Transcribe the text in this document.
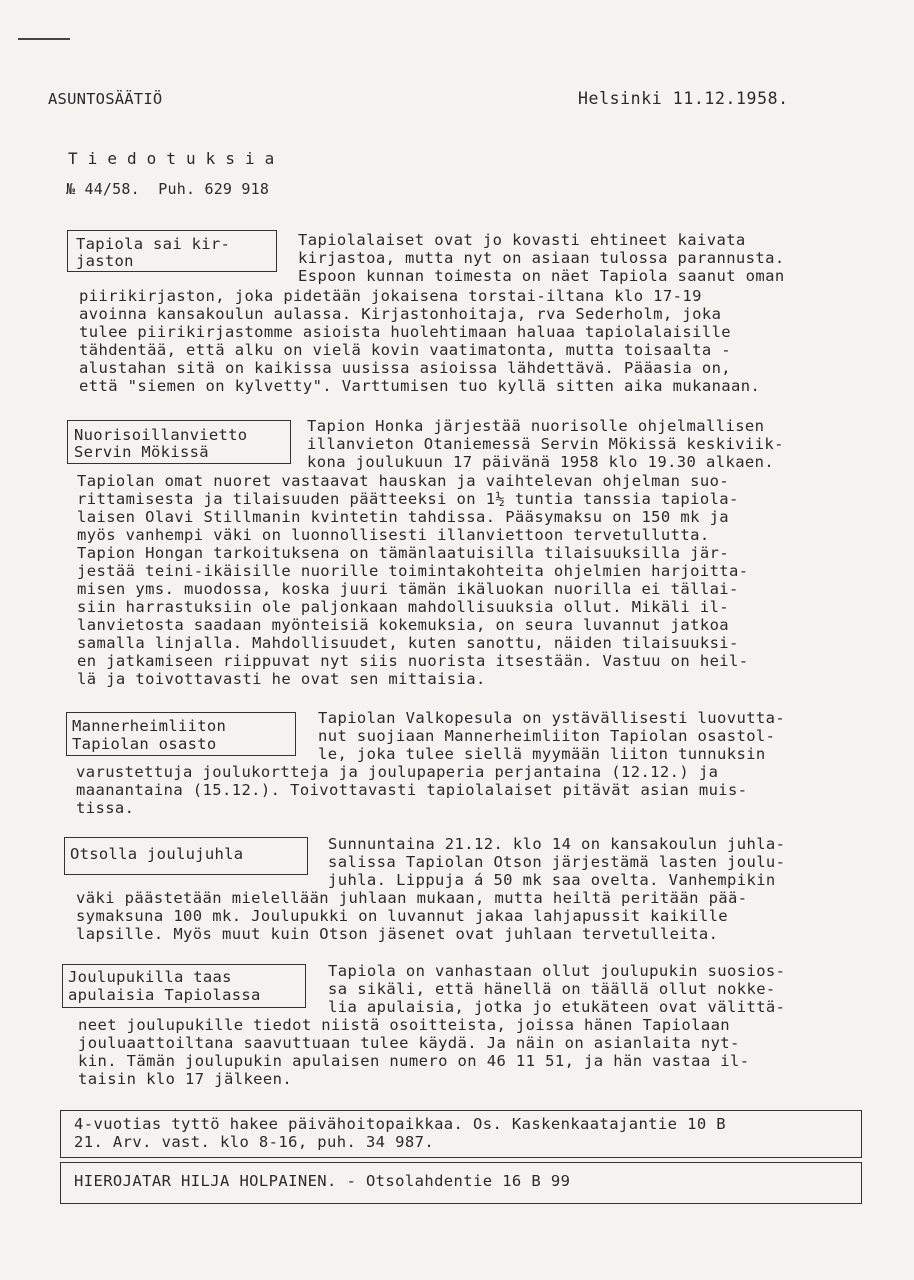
ASUNTOSÄÄTIÖ	Helsinki 11.12.1958.
T i e d o t u k s i a
№ 44/58.  Puh. 629 918
Tapiola sai kir-
jaston
Tapiolalaiset ovat jo kovasti ehtineet kaivata
kirjastoa, mutta nyt on asiaan tulossa parannusta.
Espoon kunnan toimesta on näet Tapiola saanut oman
piirikirjaston, joka pidetään jokaisena torstai-iltana klo 17-19
avoinna kansakoulun aulassa. Kirjastonhoitaja, rva Sederholm, joka
tulee piirikirjastomme asioista huolehtimaan haluaa tapiolalaisille
tähdentää, että alku on vielä kovin vaatimatonta, mutta toisaalta -
alustahan sitä on kaikissa uusissa asioissa lähdettävä. Pääasia on,
että "siemen on kylvetty". Varttumisen tuo kyllä sitten aika mukanaan.
Nuorisoillanvietto
Servin Mökissä
Tapion Honka järjestää nuorisolle ohjelmallisen
illanvieton Otaniemessä Servin Mökissä keskiviik-
kona joulukuun 17 päivänä 1958 klo 19.30 alkaen.
Tapiolan omat nuoret vastaavat hauskan ja vaihtelevan ohjelman suo-
rittamisesta ja tilaisuuden päätteeksi on 1½ tuntia tanssia tapiola-
laisen Olavi Stillmanin kvintetin tahdissa. Pääsymaksu on 150 mk ja
myös vanhempi väki on luonnollisesti illanviettoon tervetullutta.
Tapion Hongan tarkoituksena on tämänlaatuisilla tilaisuuksilla jär-
jestää teini-ikäisille nuorille toimintakohteita ohjelmien harjoitta-
misen yms. muodossa, koska juuri tämän ikäluokan nuorilla ei tällai-
siin harrastuksiin ole paljonkaan mahdollisuuksia ollut. Mikäli il-
lanvietosta saadaan myönteisiä kokemuksia, on seura luvannut jatkoa
samalla linjalla. Mahdollisuudet, kuten sanottu, näiden tilaisuuksi-
en jatkamiseen riippuvat nyt siis nuorista itsestään. Vastuu on heil-
lä ja toivottavasti he ovat sen mittaisia.
Mannerheimliiton
Tapiolan osasto
Tapiolan Valkopesula on ystävällisesti luovutta-
nut suojiaan Mannerheimliiton Tapiolan osastol-
le, joka tulee siellä myymään liiton tunnuksin
varustettuja joulukortteja ja joulupaperia perjantaina (12.12.) ja
maanantaina (15.12.). Toivottavasti tapiolalaiset pitävät asian muis-
tissa.
Otsolla joulujuhla
Sunnuntaina 21.12. klo 14 on kansakoulun juhla-
salissa Tapiolan Otson järjestämä lasten joulu-
juhla. Lippuja á 50 mk saa ovelta. Vanhempikin
väki päästetään mielellään juhlaan mukaan, mutta heiltä peritään pää-
symaksuna 100 mk. Joulupukki on luvannut jakaa lahjapussit kaikille
lapsille. Myös muut kuin Otson jäsenet ovat juhlaan tervetulleita.
Joulupukilla taas
apulaisia Tapiolassa
Tapiola on vanhastaan ollut joulupukin suosios-
sa sikäli, että hänellä on täällä ollut nokke-
lia apulaisia, jotka jo etukäteen ovat välittä-
neet joulupukille tiedot niistä osoitteista, joissa hänen Tapiolaan
jouluaattoiltana saavuttuaan tulee käydä. Ja näin on asianlaita nyt-
kin. Tämän joulupukin apulaisen numero on 46 11 51, ja hän vastaa il-
taisin klo 17 jälkeen.
4-vuotias tyttö hakee päivähoitopaikkaa. Os. Kaskenkaatajantie 10 B
21. Arv. vast. klo 8-16, puh. 34 987.
HIEROJATAR HILJA HOLPAINEN. - Otsolahdentie 16 B 99
